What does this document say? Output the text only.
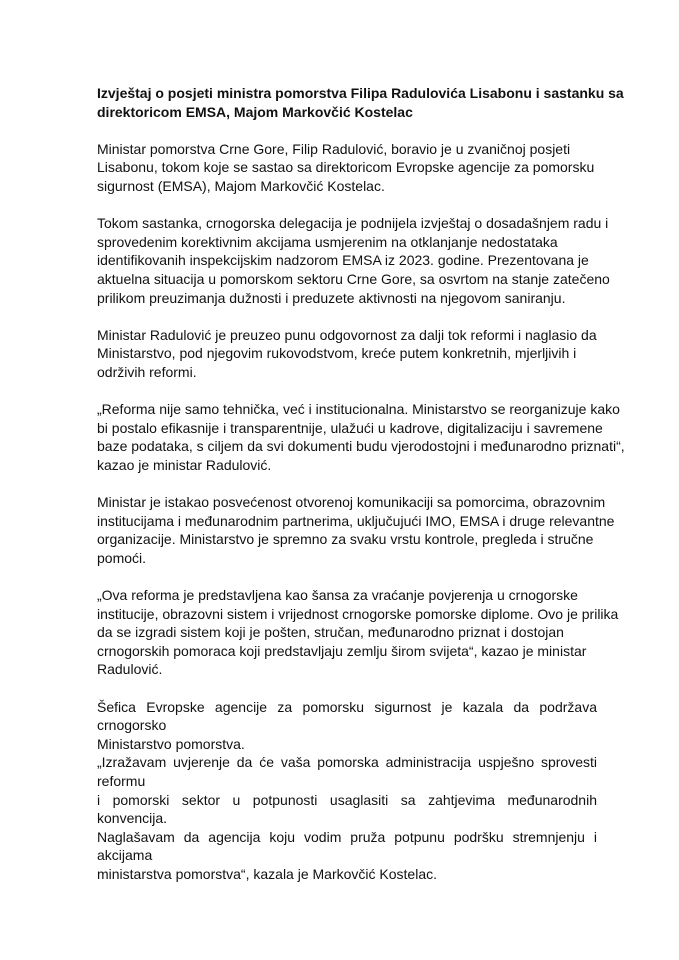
Izvještaj o posjeti ministra pomorstva Filipa Radulovića Lisabonu i sastanku sa
direktoricom EMSA, Majom Markovčić Kostelac
Ministar pomorstva Crne Gore, Filip Radulović, boravio je u zvaničnoj posjeti
Lisabonu, tokom koje se sastao sa direktoricom Evropske agencije za pomorsku
sigurnost (EMSA), Majom Markovčić Kostelac.
Tokom sastanka, crnogorska delegacija je podnijela izvještaj o dosadašnjem radu i
sprovedenim korektivnim akcijama usmjerenim na otklanjanje nedostataka
identifikovanih inspekcijskim nadzorom EMSA iz 2023. godine. Prezentovana je
aktuelna situacija u pomorskom sektoru Crne Gore, sa osvrtom na stanje zatečeno
prilikom preuzimanja dužnosti i preduzete aktivnosti na njegovom saniranju.
Ministar Radulović je preuzeo punu odgovornost za dalji tok reformi i naglasio da
Ministarstvo, pod njegovim rukovodstvom, kreće putem konkretnih, mjerljivih i
održivih reformi.
„Reforma nije samo tehnička, već i institucionalna. Ministarstvo se reorganizuje kako
bi postalo efikasnije i transparentnije, ulažući u kadrove, digitalizaciju i savremene
baze podataka, s ciljem da svi dokumenti budu vjerodostojni i međunarodno priznati“,
kazao je ministar Radulović.
Ministar je istakao posvećenost otvorenoj komunikaciji sa pomorcima, obrazovnim
institucijama i međunarodnim partnerima, uključujući IMO, EMSA i druge relevantne
organizacije. Ministarstvo je spremno za svaku vrstu kontrole, pregleda i stručne
pomoći.
„Ova reforma je predstavljena kao šansa za vraćanje povjerenja u crnogorske
institucije, obrazovni sistem i vrijednost crnogorske pomorske diplome. Ovo je prilika
da se izgradi sistem koji je pošten, stručan, međunarodno priznat i dostojan
crnogorskih pomoraca koji predstavljaju zemlju širom svijeta“, kazao je ministar
Radulović.
Šefica Evropske agencije za pomorsku sigurnost je kazala da podržava crnogorsko
Ministarstvo pomorstva.
„Izražavam uvjerenje da će vaša pomorska administracija uspješno sprovesti reformu
i pomorski sektor u potpunosti usaglasiti sa zahtjevima međunarodnih konvencija.
Naglašavam da agencija koju vodim pruža potpunu podršku stremnjenju i akcijama
ministarstva pomorstva“, kazala je Markovčić Kostelac.
